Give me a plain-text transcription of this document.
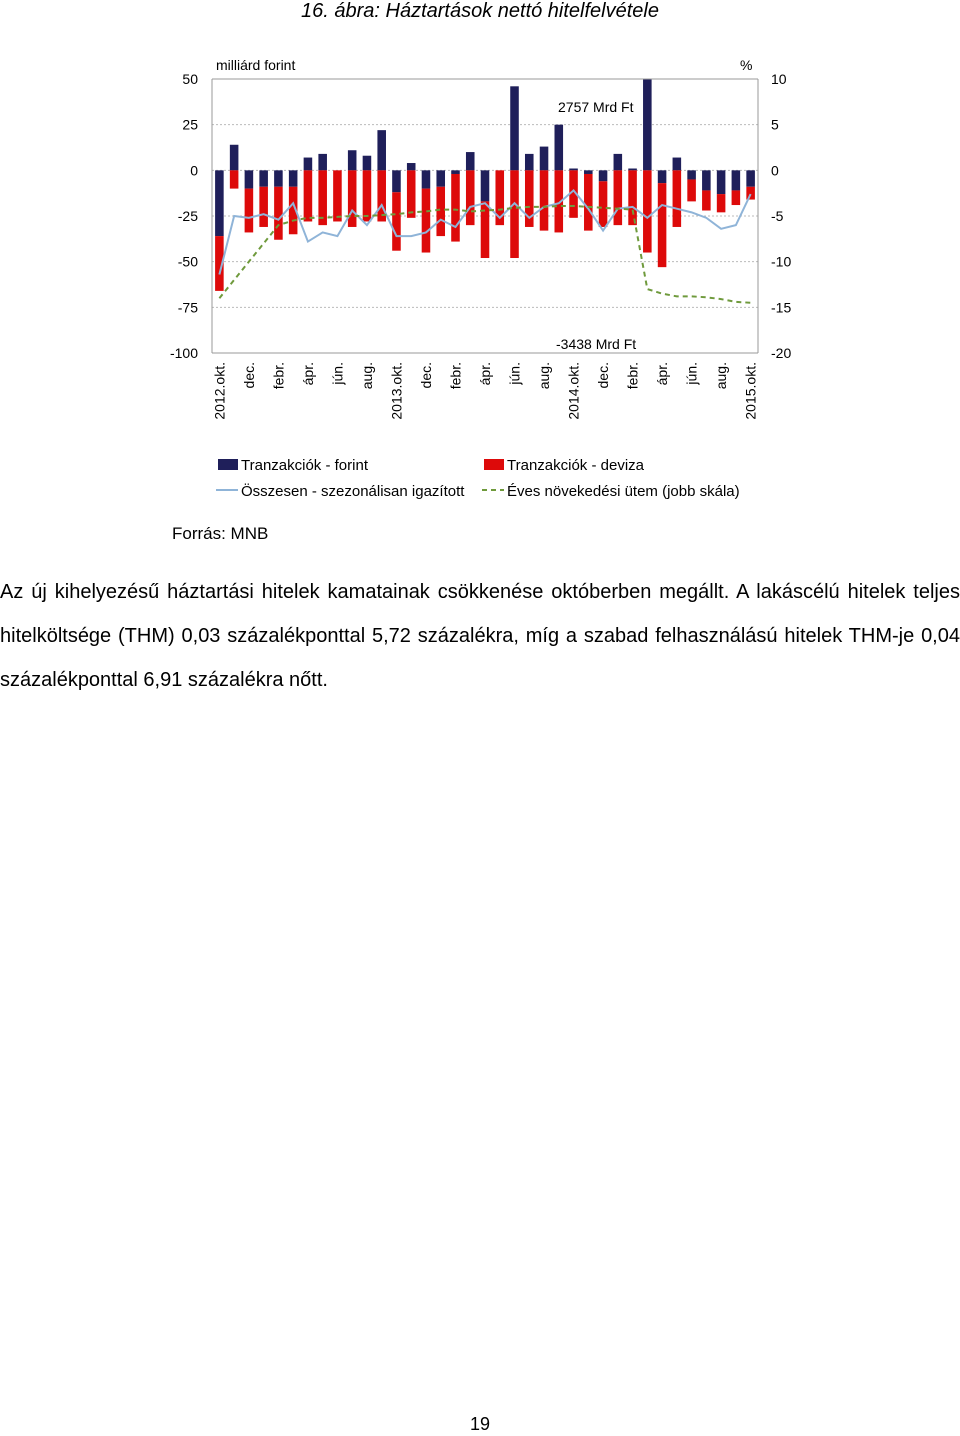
16. ábra: Háztartások nettó hitelfelvétele
50
25
0
-25
-50
-75
-100
10
5
0
-5
-10
-15
-20
2012.okt. dec. febr. ápr. jún. aug. 2013.okt. dec. febr. ápr. jún. aug. 2014.okt. dec. febr. ápr. jún. aug. 2015.okt.
milliárd forint	%
2757 Mrd Ft
-3438 Mrd Ft
Tranzakciók - forint	Tranzakciók - deviza
Összesen - szezonálisan igazított	Éves növekedési ütem (jobb skála)
Forrás: MNB
Az új kihelyezésű háztartási hitelek kamatainak csökkenése októberben megállt. A lakáscélú hitelek teljes hitelköltsége (THM) 0,03 százalékponttal 5,72 százalékra, míg a szabad felhasználású hitelek THM-je 0,04 százalékponttal 6,91 százalékra nőtt.
19
